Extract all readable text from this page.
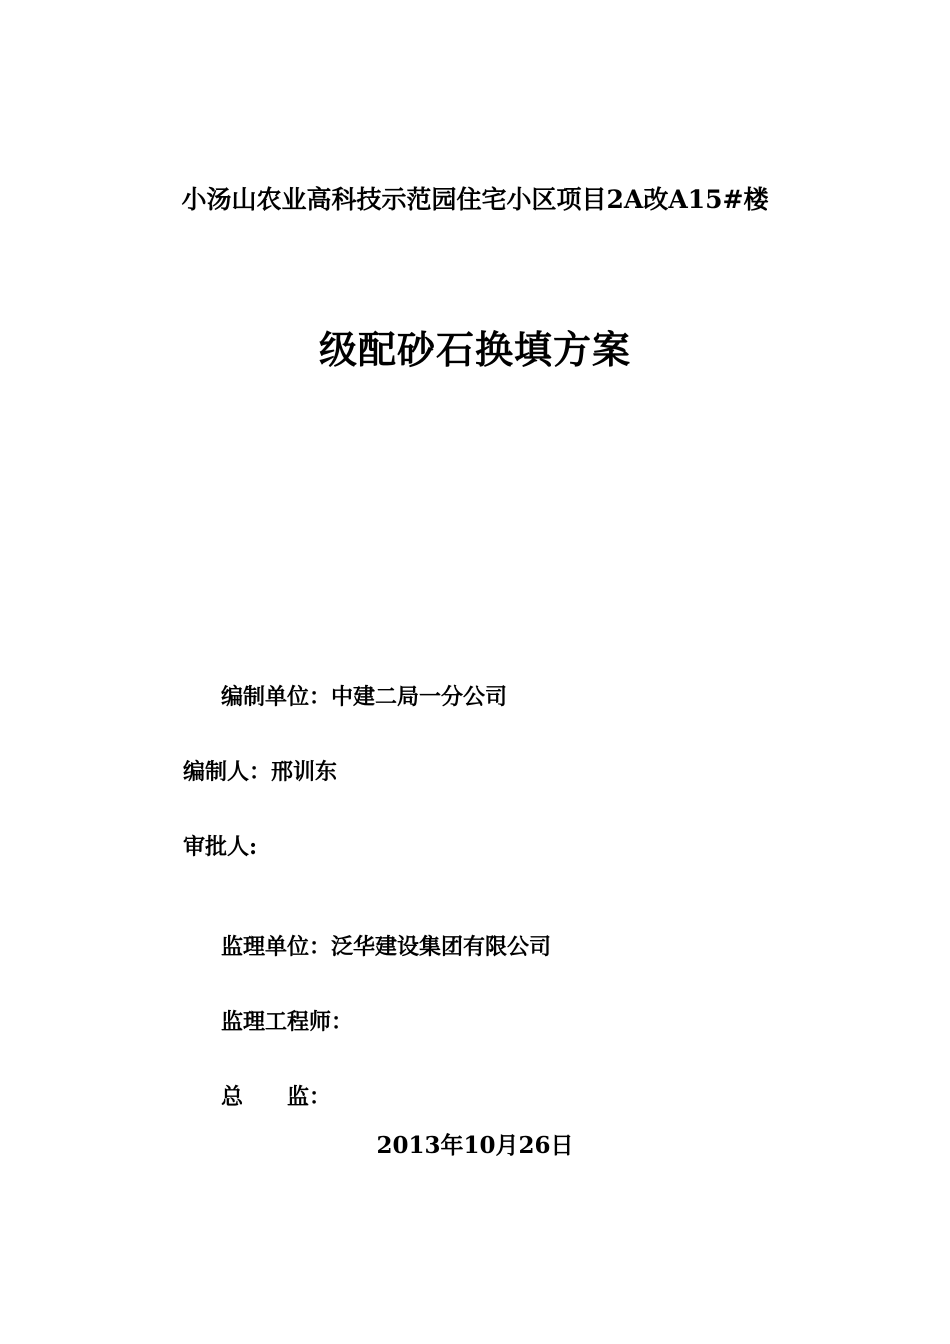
小汤山农业高科技示范园住宅小区项目2A改A15#楼
级配砂石换填方案
编制单位：中建二局一分公司
编制人：邢训东
审批人:
监理单位：泛华建设集团有限公司
监理工程师：
总　　监：
2013年10月26日
